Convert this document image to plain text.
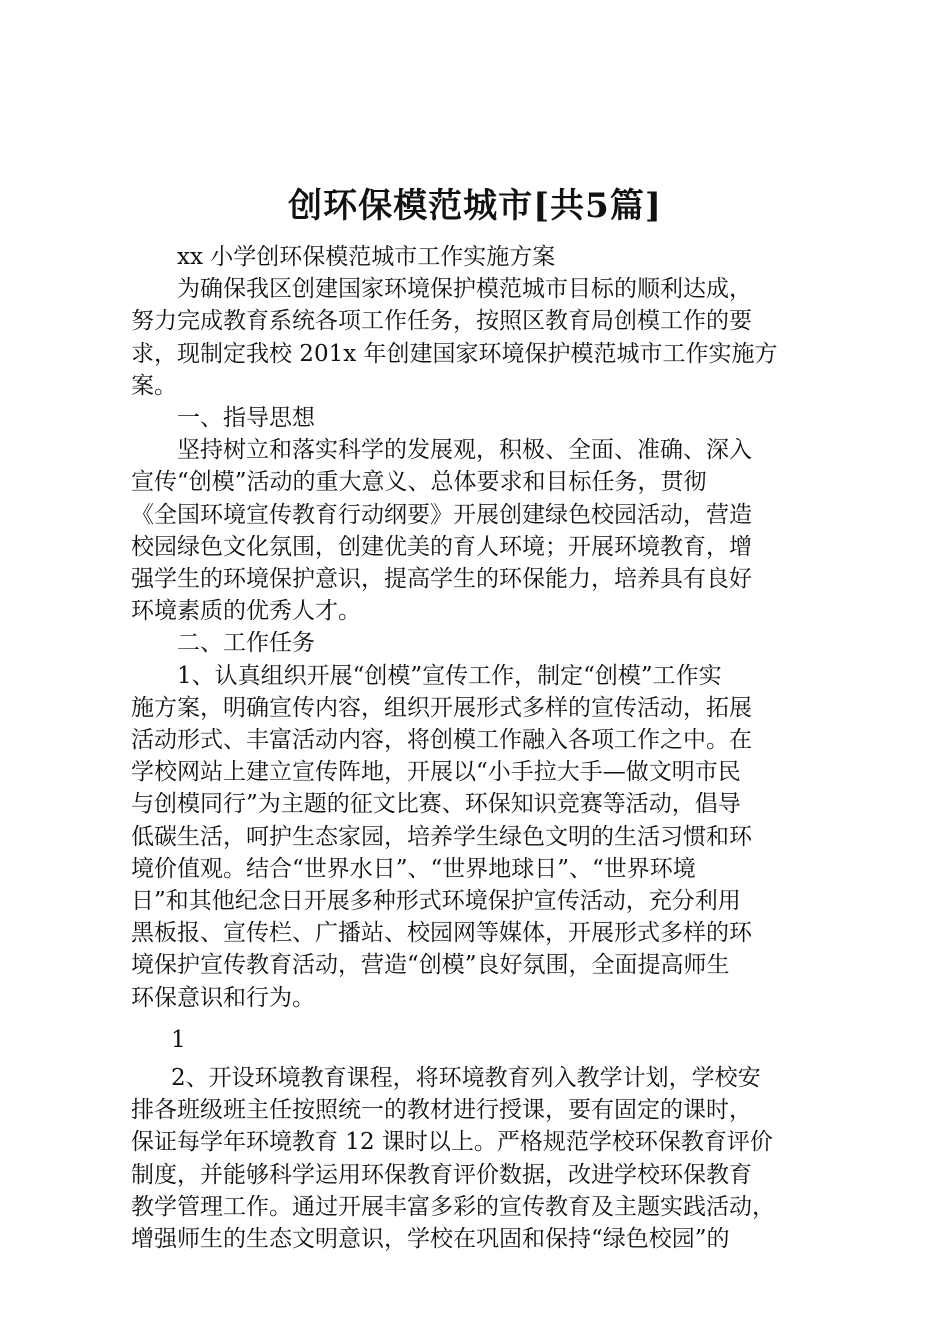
创环保模范城市[共5篇]
xx 小学创环保模范城市工作实施方案
为确保我区创建国家环境保护模范城市目标的顺利达成，
努力完成教育系统各项工作任务，按照区教育局创模工作的要
求，现制定我校 201x 年创建国家环境保护模范城市工作实施方
案。
一、指导思想
坚持树立和落实科学的发展观，积极、全面、准确、深入
宣传“创模”活动的重大意义、总体要求和目标任务，贯彻
《全国环境宣传教育行动纲要》开展创建绿色校园活动，营造
校园绿色文化氛围，创建优美的育人环境；开展环境教育，增
强学生的环境保护意识，提高学生的环保能力，培养具有良好
环境素质的优秀人才。
二、工作任务
1、认真组织开展“创模”宣传工作，制定“创模”工作实
施方案，明确宣传内容，组织开展形式多样的宣传活动，拓展
活动形式、丰富活动内容，将创模工作融入各项工作之中。在
学校网站上建立宣传阵地，开展以“小手拉大手—做文明市民
与创模同行”为主题的征文比赛、环保知识竞赛等活动，倡导
低碳生活，呵护生态家园，培养学生绿色文明的生活习惯和环
境价值观。结合“世界水日”、“世界地球日”、“世界环境
日”和其他纪念日开展多种形式环境保护宣传活动，充分利用
黑板报、宣传栏、广播站、校园网等媒体，开展形式多样的环
境保护宣传教育活动，营造“创模”良好氛围，全面提高师生
环保意识和行为。
1
2、开设环境教育课程，将环境教育列入教学计划，学校安
排各班级班主任按照统一的教材进行授课，要有固定的课时，
保证每学年环境教育 12 课时以上。严格规范学校环保教育评价
制度，并能够科学运用环保教育评价数据，改进学校环保教育
教学管理工作。通过开展丰富多彩的宣传教育及主题实践活动，
增强师生的生态文明意识，学校在巩固和保持“绿色校园”的
